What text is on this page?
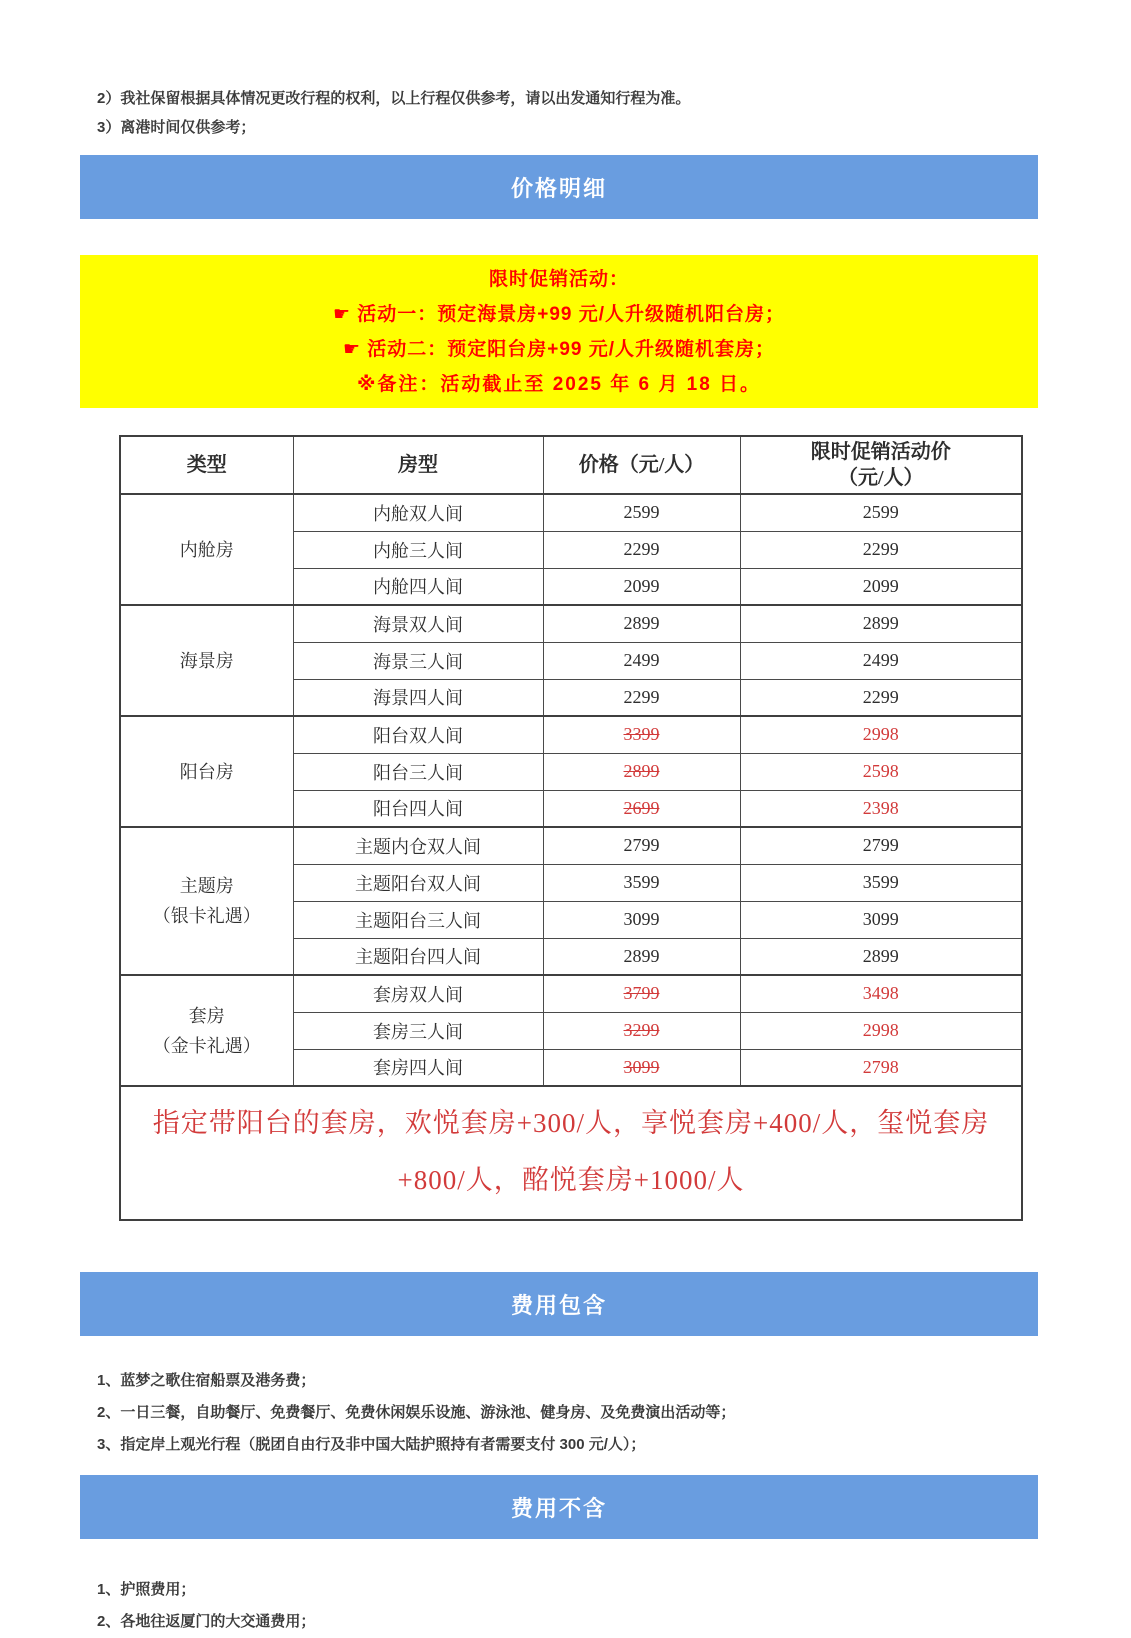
2）我社保留根据具体情况更改行程的权利，以上行程仅供参考，请以出发通知行程为准。
3）离港时间仅供参考；
价格明细
限时促销活动：
☛ 活动一：预定海景房+99 元/人升级随机阳台房；
☛ 活动二：预定阳台房+99 元/人升级随机套房；
※备注：活动截止至 2025 年 6 月 18 日。
类型	房型	价格（元/人）	限时促销活动价
（元/人）
内舱房	内舱双人间	2599	2599
	内舱三人间	2299	2299
	内舱四人间	2099	2099
海景房	海景双人间	2899	2899
	海景三人间	2499	2499
	海景四人间	2299	2299
阳台房	阳台双人间	3399	2998
	阳台三人间	2899	2598
	阳台四人间	2699	2398
主题房
（银卡礼遇）	主题内仓双人间	2799	2799
	主题阳台双人间	3599	3599
	主题阳台三人间	3099	3099
	主题阳台四人间	2899	2899
套房
（金卡礼遇）	套房双人间	3799	3498
	套房三人间	3299	2998
	套房四人间	3099	2798
指定带阳台的套房，欢悦套房+300/人，享悦套房+400/人，玺悦套房+800/人，酩悦套房+1000/人			
费用包含
1、蓝梦之歌住宿船票及港务费；
2、一日三餐，自助餐厅、免费餐厅、免费休闲娱乐设施、游泳池、健身房、及免费演出活动等；
3、指定岸上观光行程（脱团自由行及非中国大陆护照持有者需要支付 300 元/人）；
费用不含
1、护照费用；
2、各地往返厦门的大交通费用；
